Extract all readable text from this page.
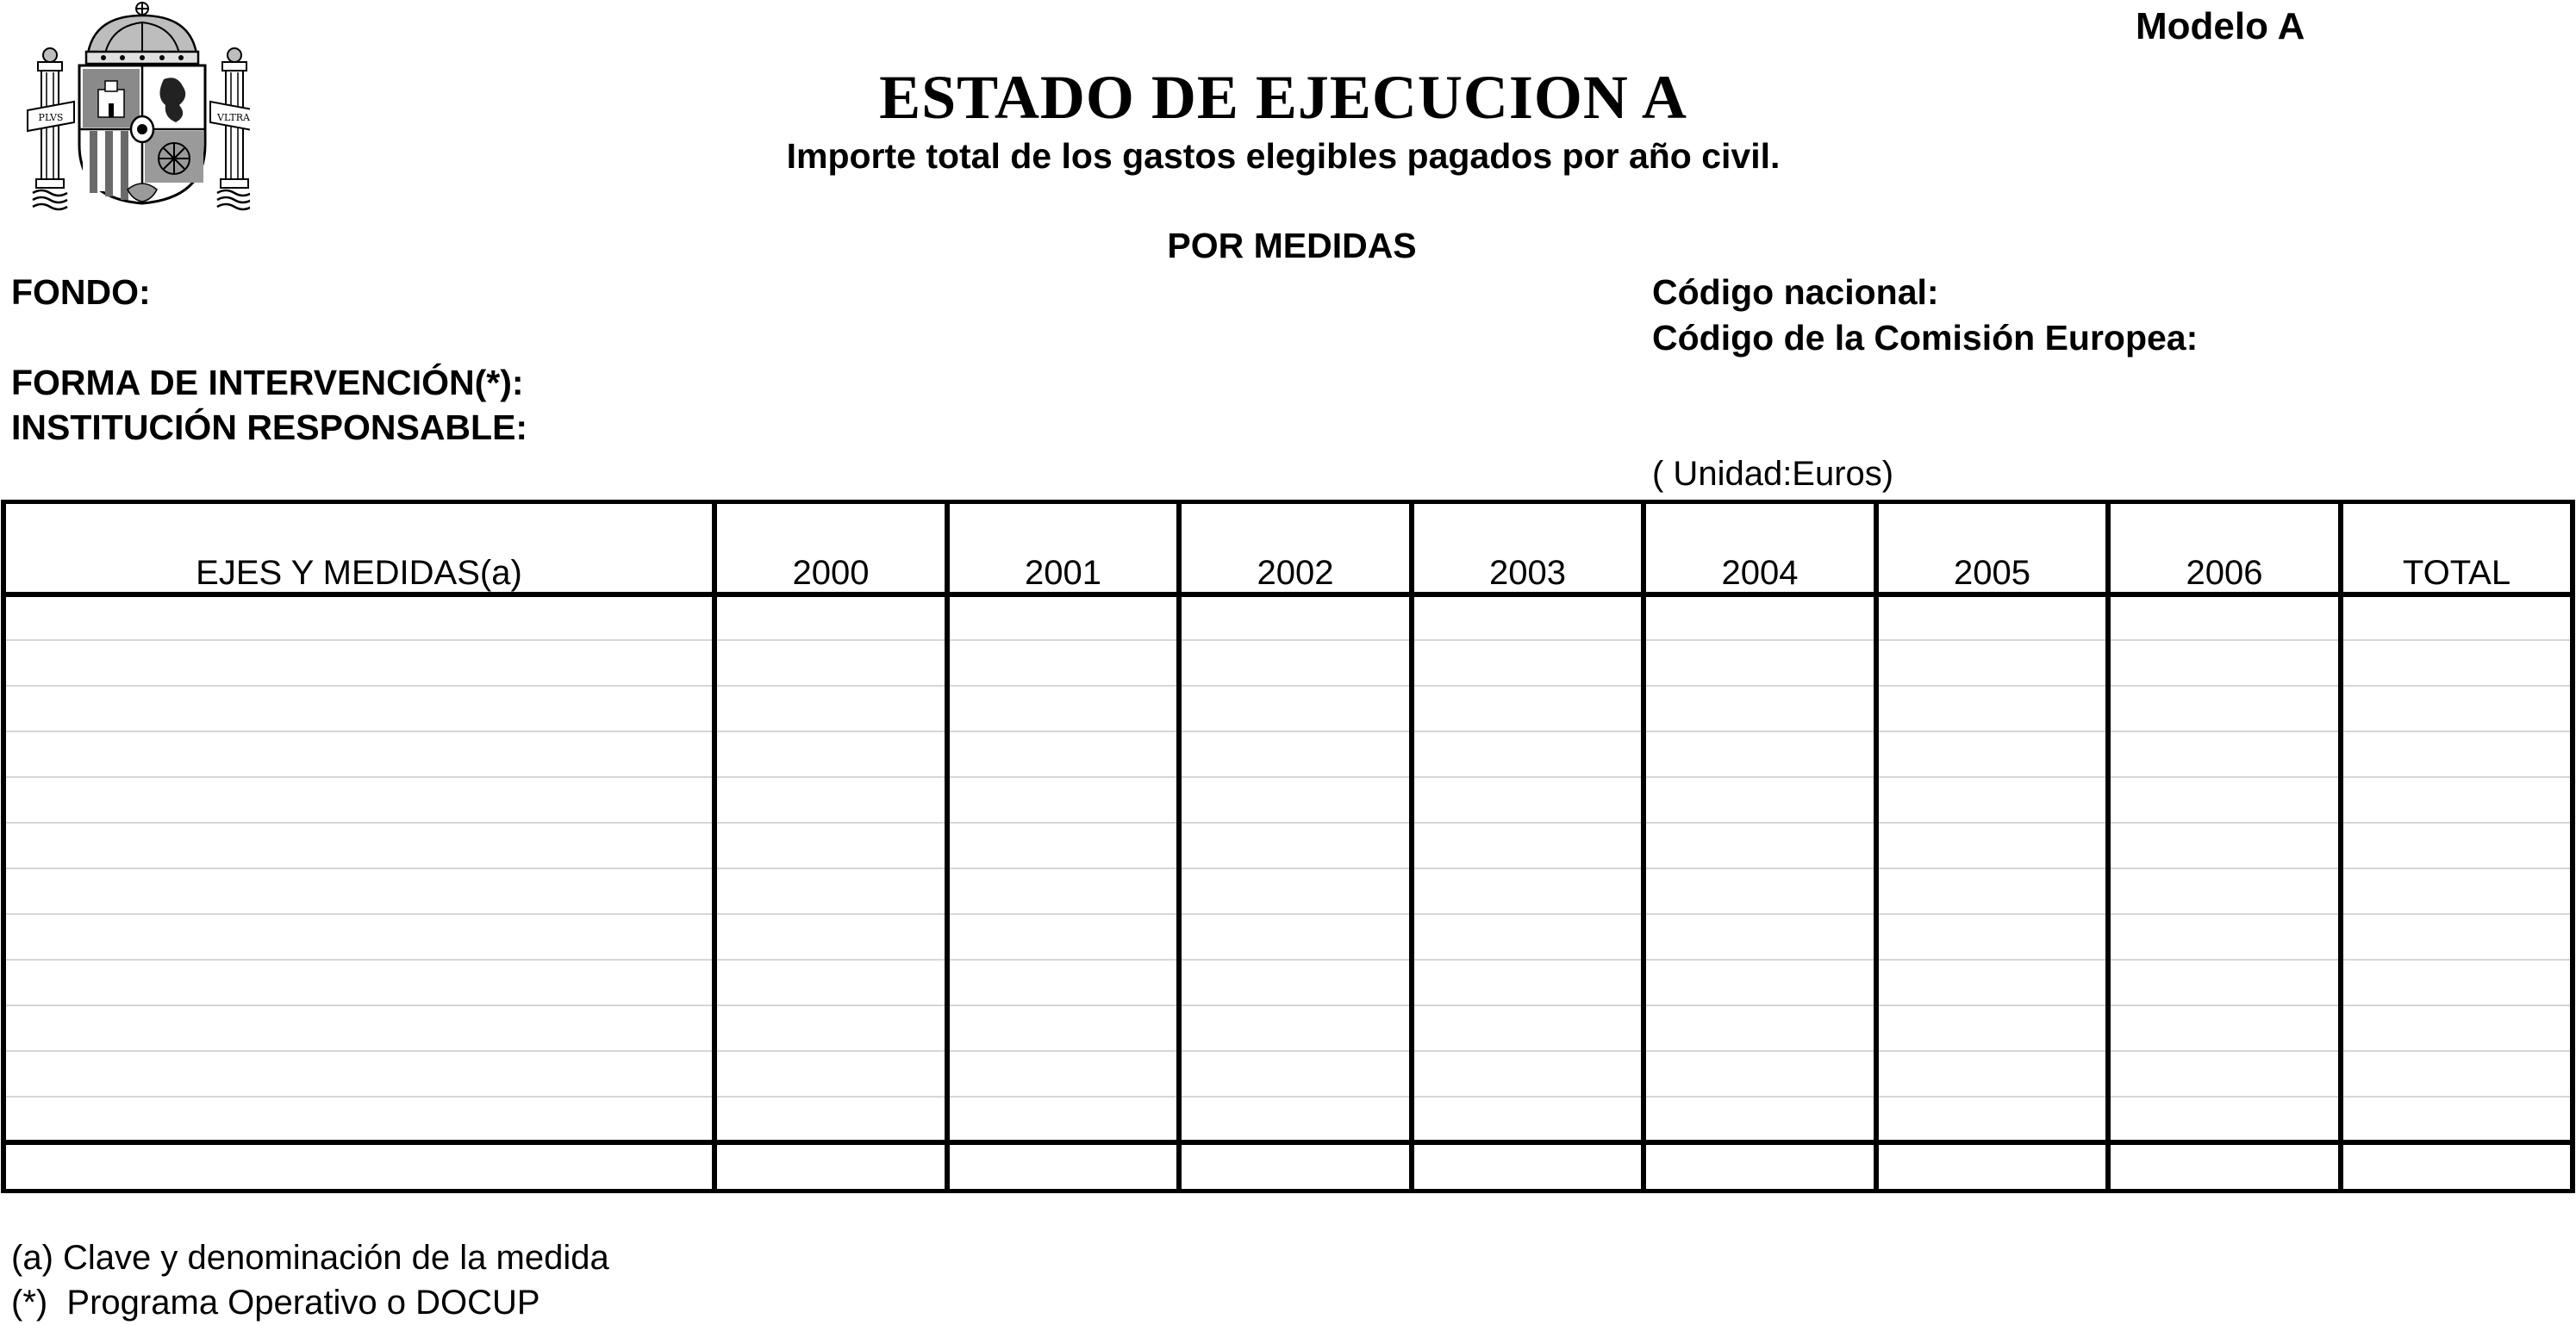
PLVS	VLTRA
Modelo A
ESTADO DE EJECUCION A
Importe total de los gastos elegibles pagados por año civil.
POR MEDIDAS
FONDO:
FORMA DE INTERVENCIÓN(*):
INSTITUCIÓN RESPONSABLE:
Código nacional:
Código de la Comisión Europea:
( Unidad:Euros)
EJES Y MEDIDAS(a)	2000	2001	2002	2003	2004	2005	2006	TOTAL
(a) Clave y denominación de la medida
(*)  Programa Operativo o DOCUP
